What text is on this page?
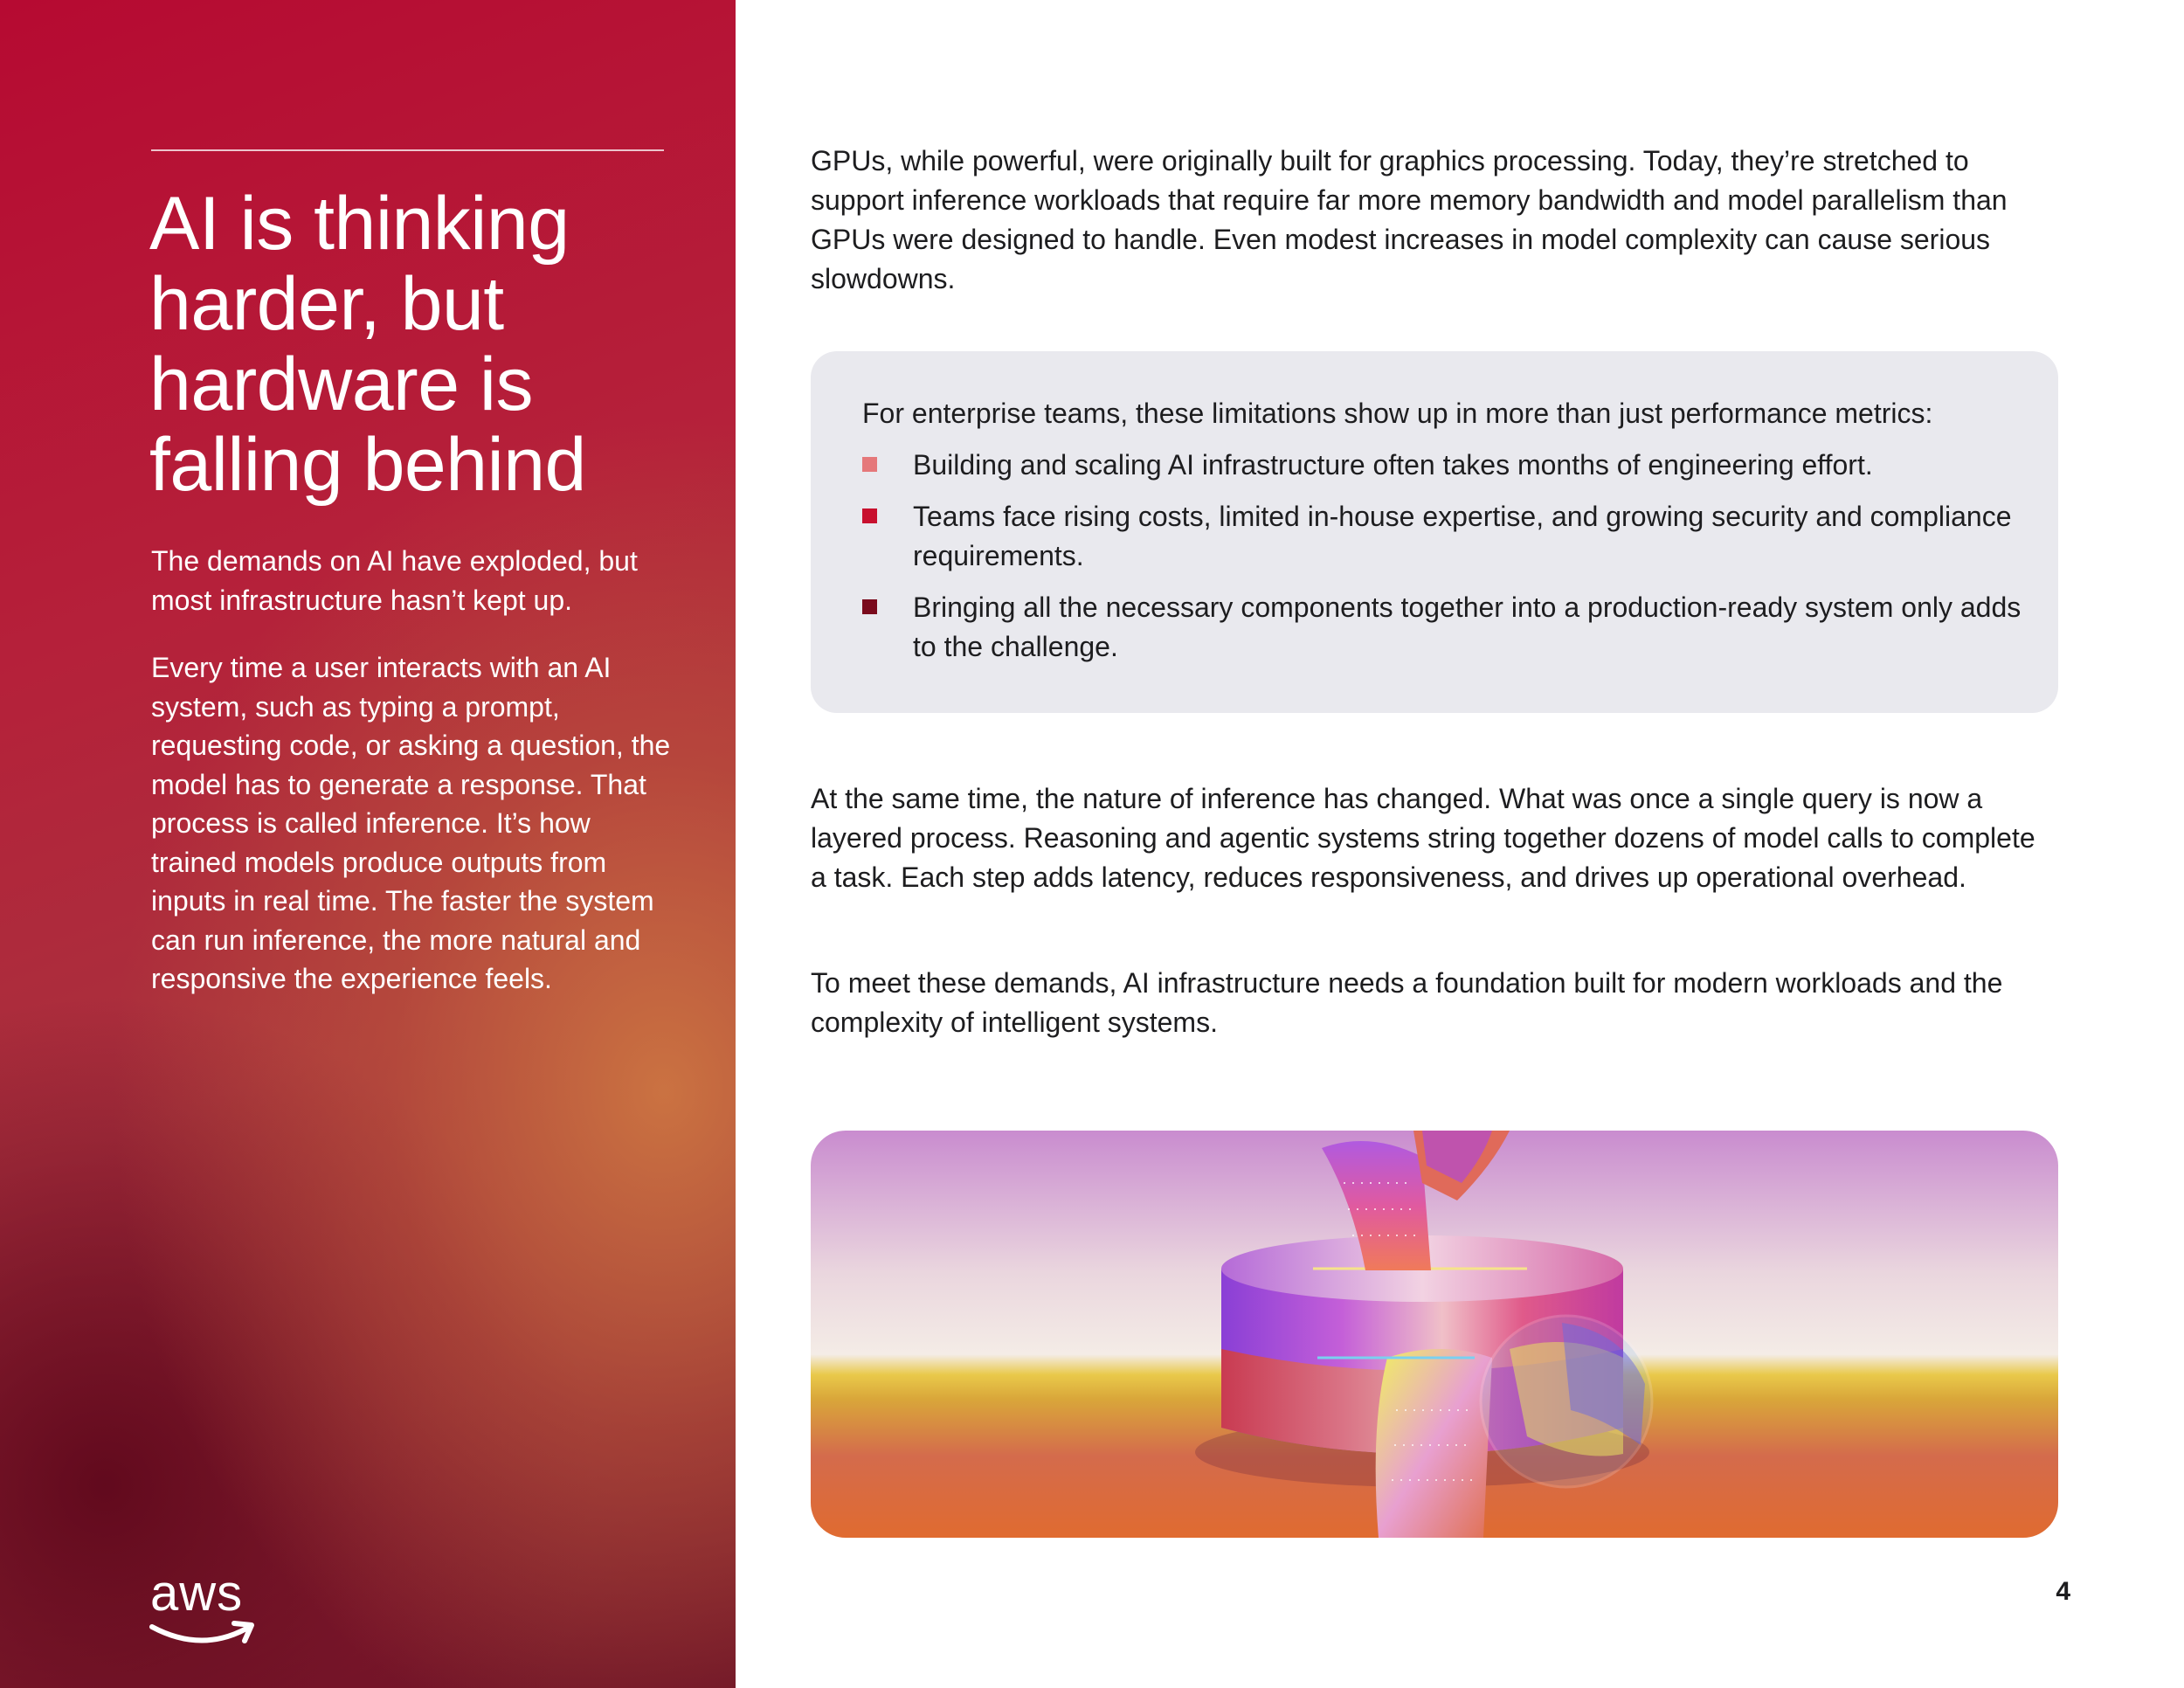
AI is thinking harder, but hardware is falling behind

The demands on AI have exploded, but most infrastructure hasn’t kept up.

Every time a user interacts with an AI system, such as typing a prompt, requesting code, or asking a question, the model has to generate a response. That process is called inference. It’s how trained models produce outputs from inputs in real time. The faster the system can run inference, the more natural and responsive the experience feels.

aws

GPUs, while powerful, were originally built for graphics processing. Today, they’re stretched to support inference workloads that require far more memory bandwidth and model parallelism than GPUs were designed to handle. Even modest increases in model complexity can cause serious slowdowns.

For enterprise teams, these limitations show up in more than just performance metrics:

Building and scaling AI infrastructure often takes months of engineering effort.
Teams face rising costs, limited in-house expertise, and growing security and compliance requirements.
Bringing all the necessary components together into a production-ready system only adds to the challenge.

At the same time, the nature of inference has changed. What was once a single query is now a layered process. Reasoning and agentic systems string together dozens of model calls to complete a task. Each step adds latency, reduces responsiveness, and drives up operational overhead.

To meet these demands, AI infrastructure needs a foundation built for modern workloads and the complexity of intelligent systems.

4
